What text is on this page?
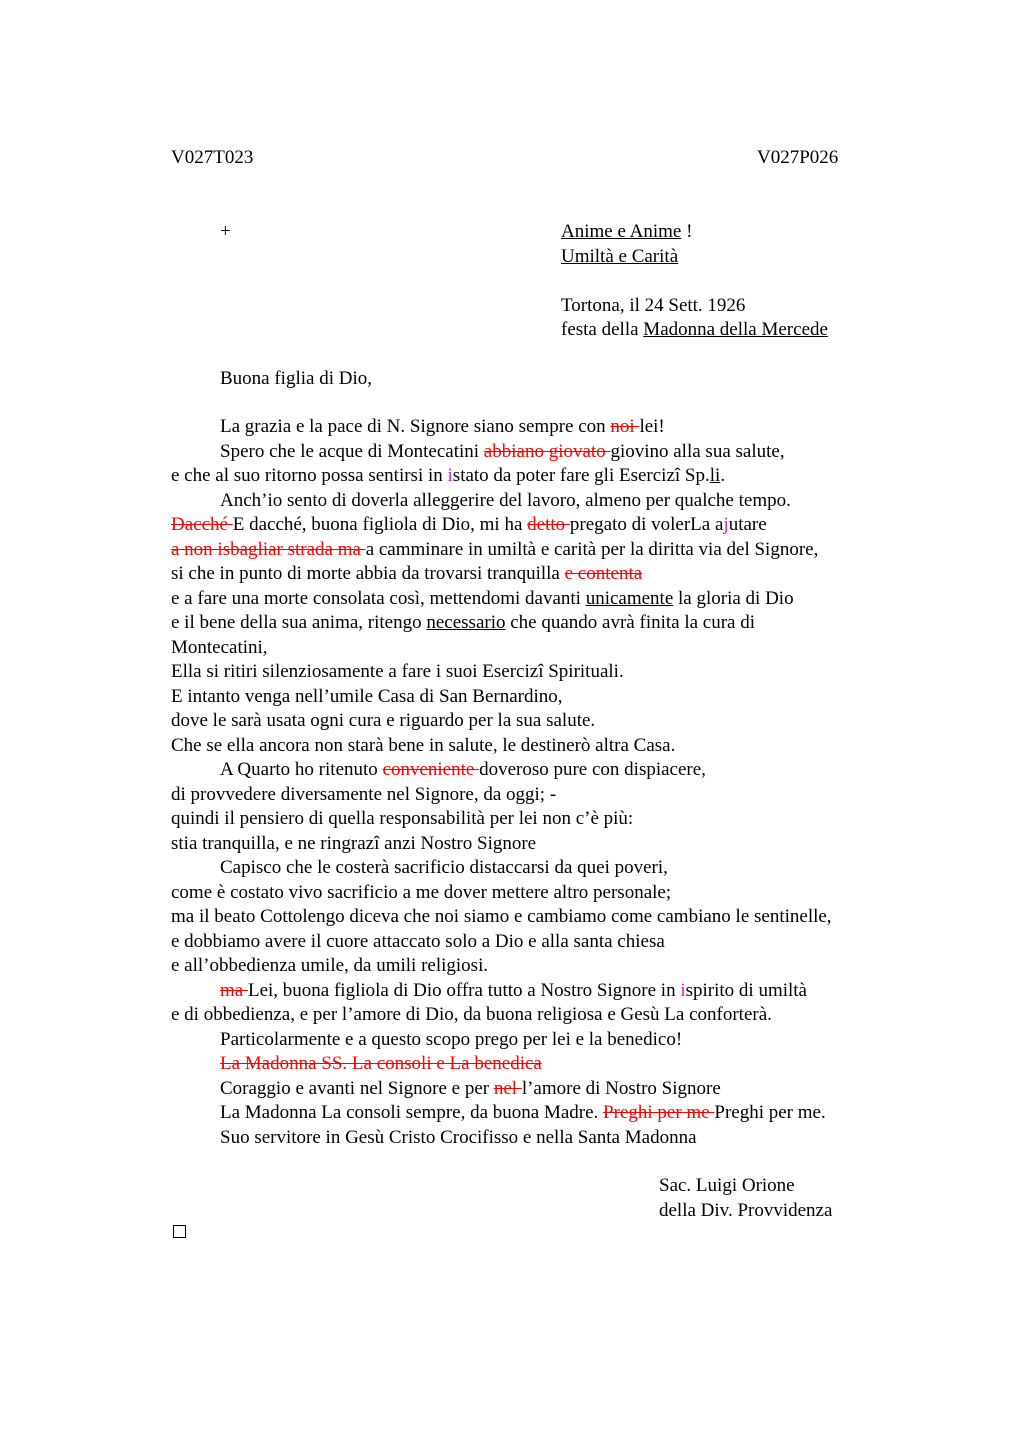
V027T023	V027P026
+	Anime e Anime !
Umiltà e Carità
Tortona, il 24 Sett. 1926
festa della Madonna della Mercede
Buona figlia di Dio,
La grazia e la pace di N. Signore siano sempre con noi lei!
Spero che le acque di Montecatini abbiano giovato giovino alla sua salute,
e che al suo ritorno possa sentirsi in istato da poter fare gli Esercizi Sp.li.
Anch’io sento di doverla alleggerire del lavoro, almeno per qualche tempo.
Dacché E dacché, buona figliola di Dio, mi ha detto pregato di volerLa ajutare
a non isbagliar strada ma a camminare in umiltà e carità per la diritta via del Signore,
si che in punto di morte abbia da trovarsi tranquilla e contenta
e a fare una morte consolata così, mettendomi davanti unicamente la gloria di Dio
e il bene della sua anima, ritengo necessario che quando avrà finita la cura di
Montecatini,
Ella si ritiri silenziosamente a fare i suoi Esercizi Spirituali.
E intanto venga nell’umile Casa di San Bernardino,
dove le sarà usata ogni cura e riguardo per la sua salute.
Che se ella ancora non starà bene in salute, le destinerò altra Casa.
A Quarto ho ritenuto conveniente doveroso pure con dispiacere,
di provvedere diversamente nel Signore, da oggi; -
quindi il pensiero di quella responsabilità per lei non c’è più:
stia tranquilla, e ne ringrazi anzi Nostro Signore
Capisco che le costerà sacrificio distaccarsi da quei poveri,
come è costato vivo sacrificio a me dover mettere altro personale;
ma il beato Cottolengo diceva che noi siamo e cambiamo come cambiano le sentinelle,
e dobbiamo avere il cuore attaccato solo a Dio e alla santa chiesa
e all’obbedienza umile, da umili religiosi.
ma Lei, buona figliola di Dio offra tutto a Nostro Signore in ispirito di umiltà
e di obbedienza, e per l’amore di Dio, da buona religiosa e Gesù La conforterà.
Particolarmente e a questo scopo prego per lei e la benedico!
La Madonna SS. La consoli e La benedica
Coraggio e avanti nel Signore e per nel l’amore di Nostro Signore
La Madonna La consoli sempre, da buona Madre. Preghi per me Preghi per me.
Suo servitore in Gesù Cristo Crocifisso e nella Santa Madonna
Sac. Luigi Orione
della Div. Provvidenza
